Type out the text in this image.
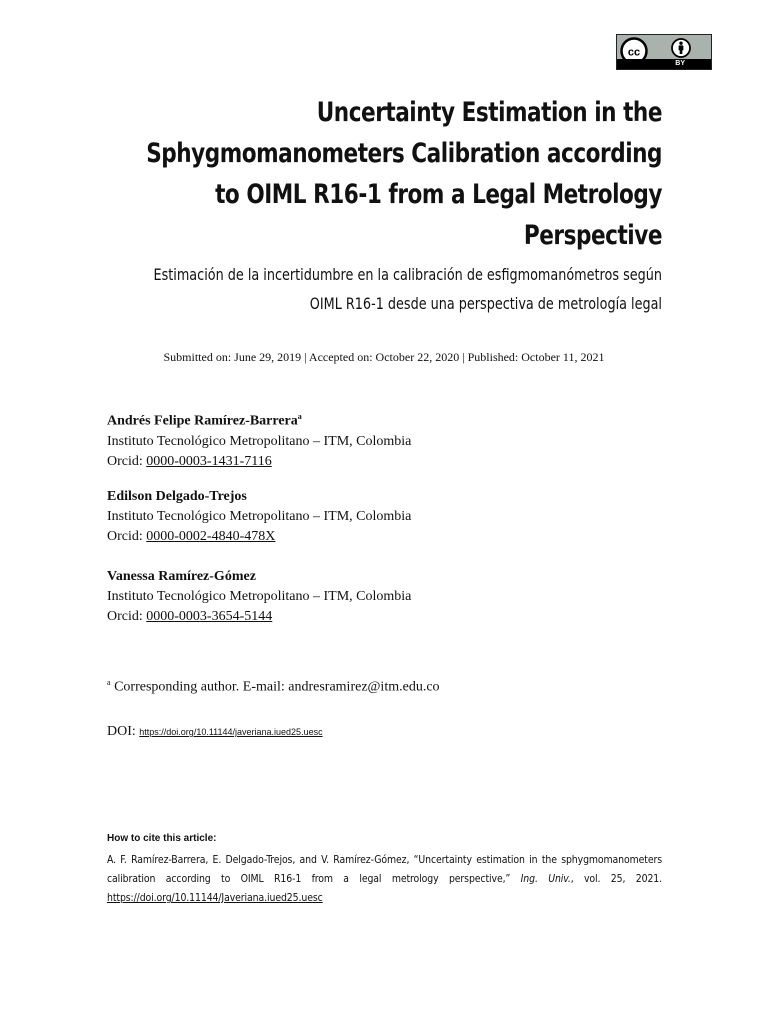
cc
BY
Uncertainty Estimation in the
Sphygmomanometers Calibration according
to OIML R16-1 from a Legal Metrology
Perspective
Estimación de la incertidumbre en la calibración de esfigmomanómetros según
OIML R16-1 desde una perspectiva de metrología legal
Submitted on: June 29, 2019 | Accepted on: October 22, 2020 | Published: October 11, 2021
Andrés Felipe Ramírez-Barrera$^a$
Instituto Tecnológico Metropolitano – ITM, Colombia
Orcid: 0000-0003-1431-7116
Edilson Delgado-Trejos
Instituto Tecnológico Metropolitano – ITM, Colombia
Orcid: 0000-0002-4840-478X
Vanessa Ramírez-Gómez
Instituto Tecnológico Metropolitano – ITM, Colombia
Orcid: 0000-0003-3654-5144
$^a$ Corresponding author. E-mail: andresramirez@itm.edu.co
DOI: https://doi.org/10.11144/javeriana.iued25.uesc
How to cite this article:
A. F. Ramírez-Barrera, E. Delgado-Trejos, and V. Ramírez-Gómez, “Uncertainty estimation in the sphygmomanometers calibration according to OIML R16-1 from a legal metrology perspective,” Ing. Univ., vol. 25, 2021. https://doi.org/10.11144/Javeriana.iued25.uesc
